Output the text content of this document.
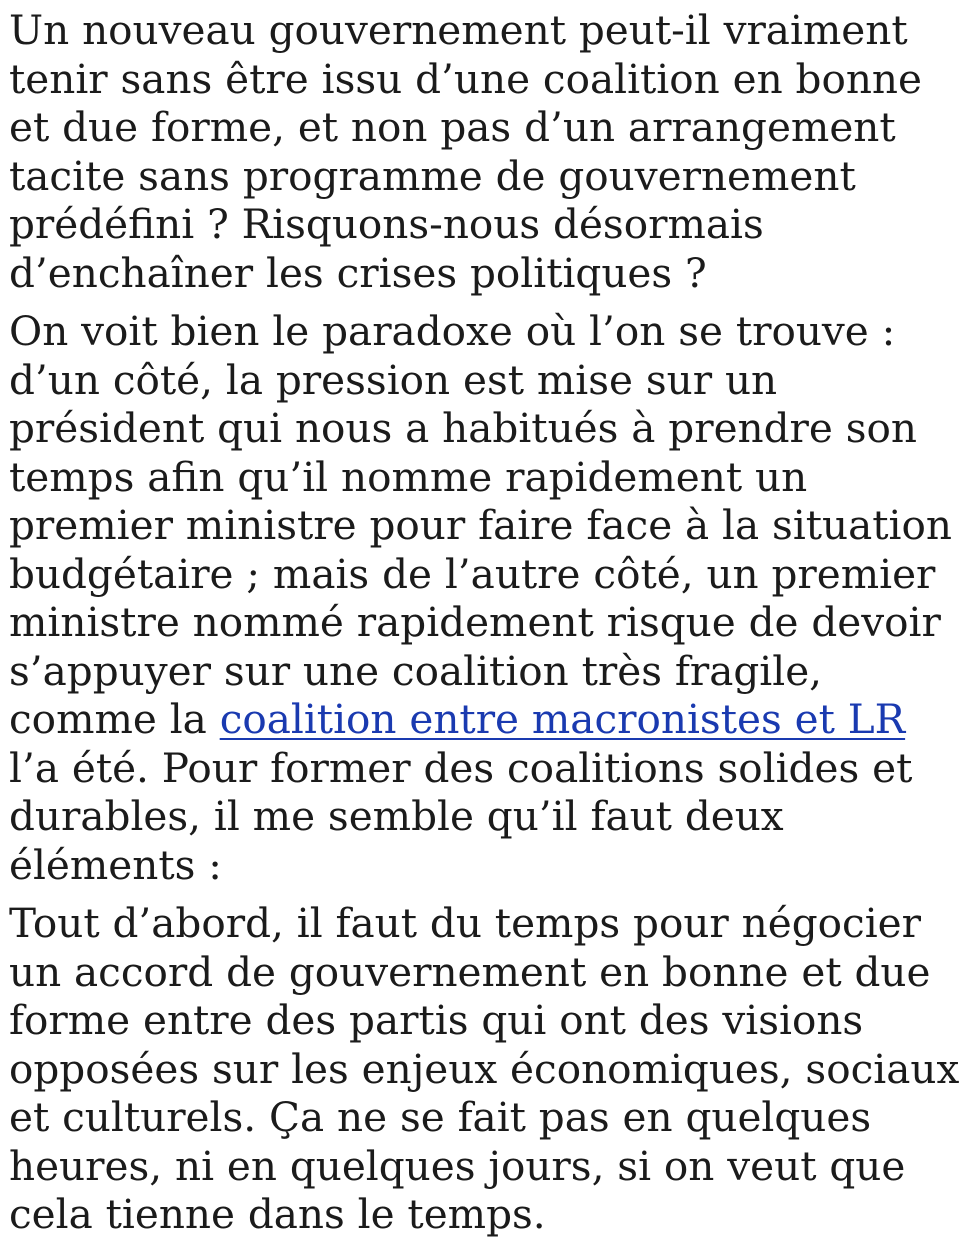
Un nouveau gouvernement peut-il vraiment tenir sans être issu d’une coalition en bonne et due forme, et non pas d’un arrangement tacite sans programme de gouvernement prédéfini ? Risquons-nous désormais d’enchaîner les crises politiques ?

On voit bien le paradoxe où l’on se trouve : d’un côté, la pression est mise sur un président qui nous a habitués à prendre son temps afin qu’il nomme rapidement un premier ministre pour faire face à la situation budgétaire ; mais de l’autre côté, un premier ministre nommé rapidement risque de devoir s’appuyer sur une coalition très fragile, comme la coalition entre macronistes et LR l’a été. Pour former des coalitions solides et durables, il me semble qu’il faut deux éléments :

Tout d’abord, il faut du temps pour négocier un accord de gouvernement en bonne et due forme entre des partis qui ont des visions opposées sur les enjeux économiques, sociaux et culturels. Ça ne se fait pas en quelques heures, ni en quelques jours, si on veut que cela tienne dans le temps.
